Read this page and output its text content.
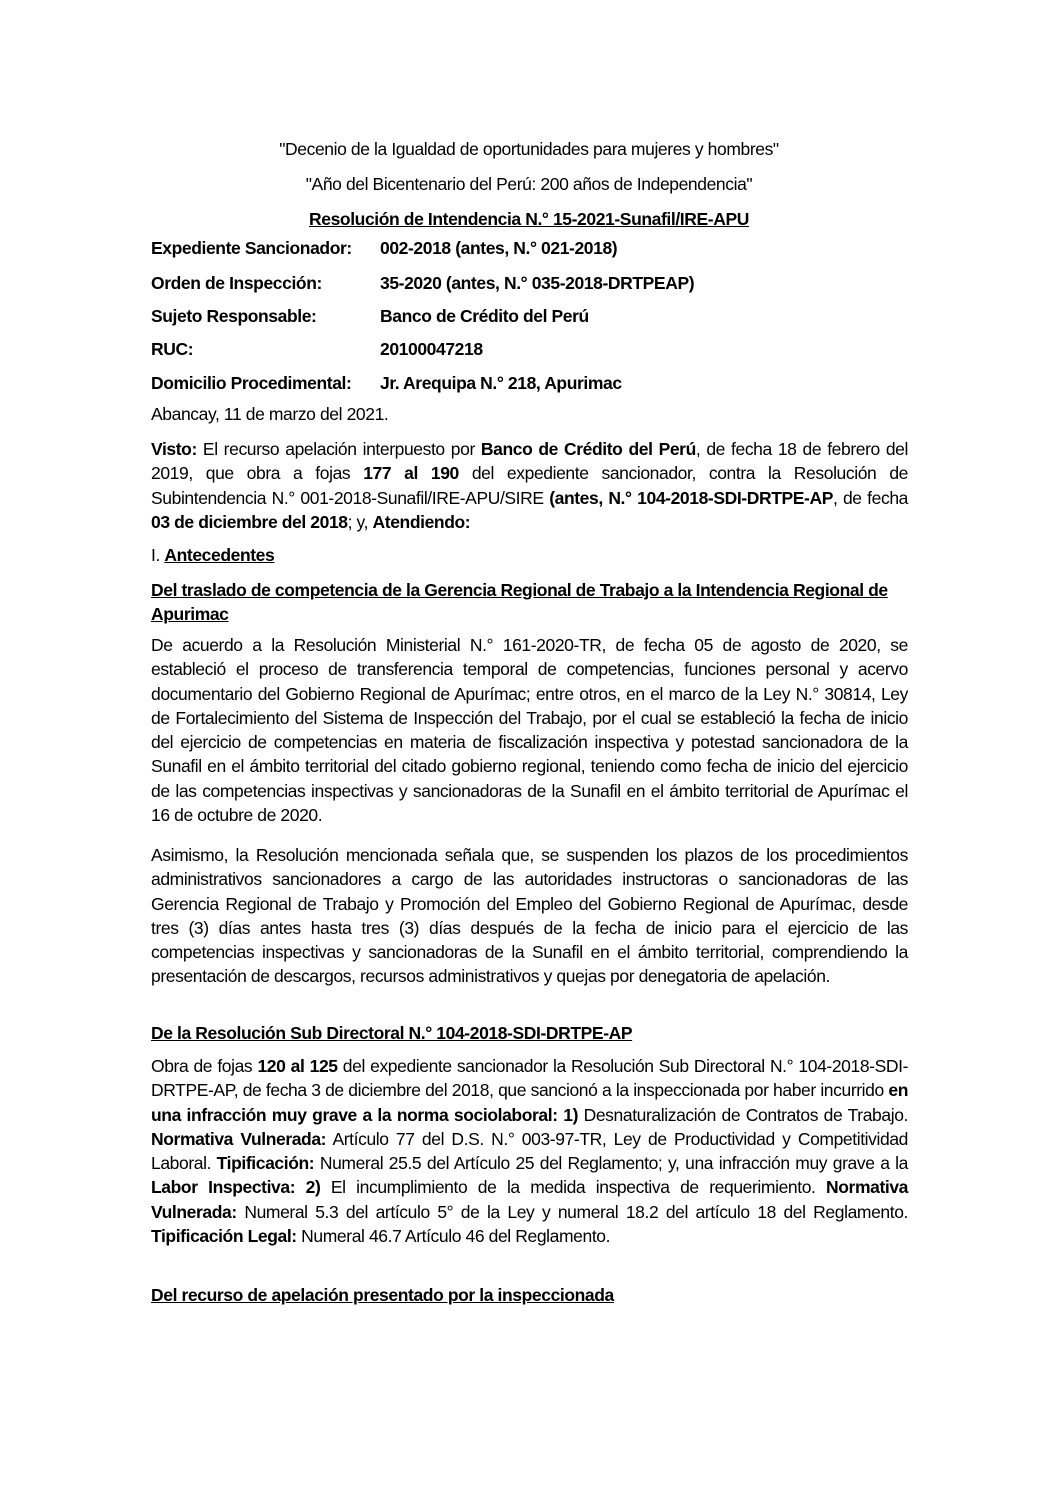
"Decenio de la Igualdad de oportunidades para mujeres y hombres"
"Año del Bicentenario del Perú: 200 años de Independencia"
Resolución de Intendencia N.° 15-2021-Sunafil/IRE-APU
Expediente Sancionador: 002-2018 (antes, N.° 021-2018)
Orden de Inspección:	35-2020 (antes, N.° 035-2018-DRTPEAP)
Sujeto Responsable:	Banco de Crédito del Perú
RUC:	20100047218
Domicilio Procedimental: Jr. Arequipa N.° 218, Apurimac
Abancay, 11 de marzo del 2021.
Visto: El recurso apelación interpuesto por Banco de Crédito del Perú, de fecha 18 de febrero del 2019, que obra a fojas 177 al 190 del expediente sancionador, contra la Resolución de Subintendencia N.° 001-2018-Sunafil/IRE-APU/SIRE (antes, N.° 104-2018-SDI-DRTPE-AP, de fecha 03 de diciembre del 2018; y, Atendiendo:
I. Antecedentes
Del traslado de competencia de la Gerencia Regional de Trabajo a la Intendencia Regional de Apurimac
De acuerdo a la Resolución Ministerial N.° 161-2020-TR, de fecha 05 de agosto de 2020, se estableció el proceso de transferencia temporal de competencias, funciones personal y acervo documentario del Gobierno Regional de Apurímac; entre otros, en el marco de la Ley N.° 30814, Ley de Fortalecimiento del Sistema de Inspección del Trabajo, por el cual se estableció la fecha de inicio del ejercicio de competencias en materia de fiscalización inspectiva y potestad sancionadora de la Sunafil en el ámbito territorial del citado gobierno regional, teniendo como fecha de inicio del ejercicio de las competencias inspectivas y sancionadoras de la Sunafil en el ámbito territorial de Apurímac el 16 de octubre de 2020.
Asimismo, la Resolución mencionada señala que, se suspenden los plazos de los procedimientos administrativos sancionadores a cargo de las autoridades instructoras o sancionadoras de las Gerencia Regional de Trabajo y Promoción del Empleo del Gobierno Regional de Apurímac, desde tres (3) días antes hasta tres (3) días después de la fecha de inicio para el ejercicio de las competencias inspectivas y sancionadoras de la Sunafil en el ámbito territorial, comprendiendo la presentación de descargos, recursos administrativos y quejas por denegatoria de apelación.
De la Resolución Sub Directoral N.° 104-2018-SDI-DRTPE-AP
Obra de fojas 120 al 125 del expediente sancionador la Resolución Sub Directoral N.° 104-2018-SDI- DRTPE-AP, de fecha 3 de diciembre del 2018, que sancionó a la inspeccionada por haber incurrido en una infracción muy grave a la norma sociolaboral: 1) Desnaturalización de Contratos de Trabajo. Normativa Vulnerada: Artículo 77 del D.S. N.° 003-97-TR, Ley de Productividad y Competitividad Laboral. Tipificación: Numeral 25.5 del Artículo 25 del Reglamento; y, una infracción muy grave a la Labor Inspectiva: 2) El incumplimiento de la medida inspectiva de requerimiento. Normativa Vulnerada: Numeral 5.3 del artículo 5° de la Ley y numeral 18.2 del artículo 18 del Reglamento. Tipificación Legal: Numeral 46.7 Artículo 46 del Reglamento.
Del recurso de apelación presentado por la inspeccionada
